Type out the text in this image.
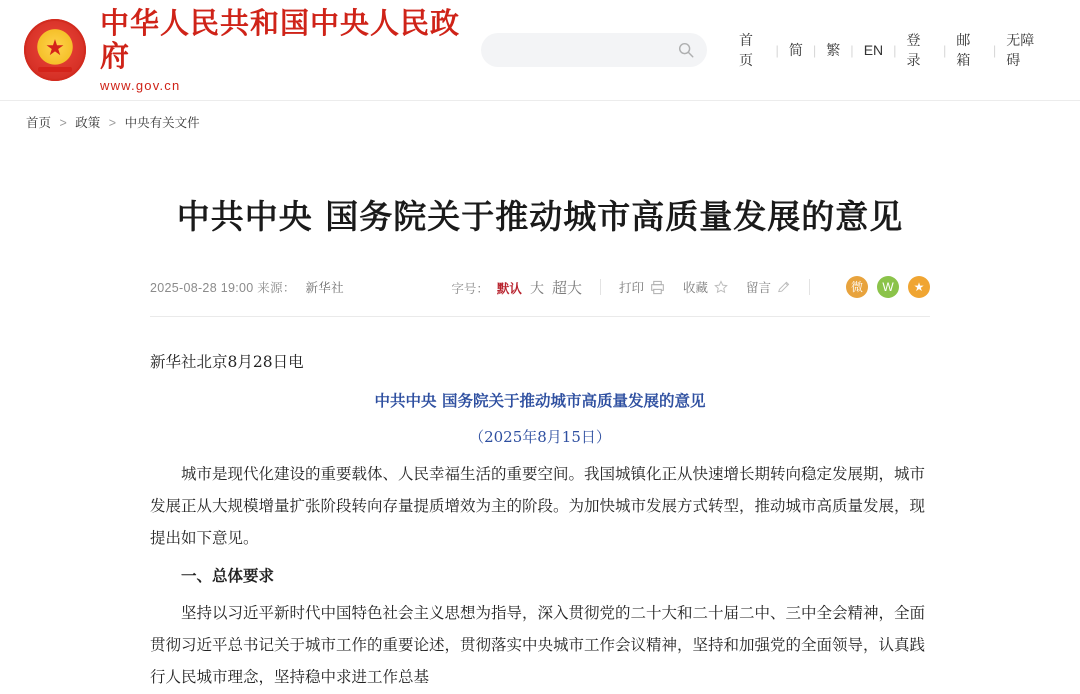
★
中华人民共和国中央人民政府
www.gov.cn
首页
| 简 | 繁 | EN |
登录
|
邮箱
|
无障碍
首页 > 政策 > 中央有关文件
中共中央 国务院关于推动城市高质量发展的意见
2025-08-28 19:00 来源： 新华社	字号： 默认 大 超大	打印	收藏	留言	微	W	★

新华社北京8月28日电

中共中央 国务院关于推动城市高质量发展的意见

（2025年8月15日）

城市是现代化建设的重要载体、人民幸福生活的重要空间。我国城镇化正从快速增长期转向稳定发展期，城市发展正从大规模增量扩张阶段转向存量提质增效为主的阶段。为加快城市发展方式转型，推动城市高质量发展，现提出如下意见。

一、总体要求

坚持以习近平新时代中国特色社会主义思想为指导，深入贯彻党的二十大和二十届二中、三中全会精神，全面贯彻习近平总书记关于城市工作的重要论述，贯彻落实中央城市工作会议精神，坚持和加强党的全面领导，认真践行人民城市理念，坚持稳中求进工作总基
